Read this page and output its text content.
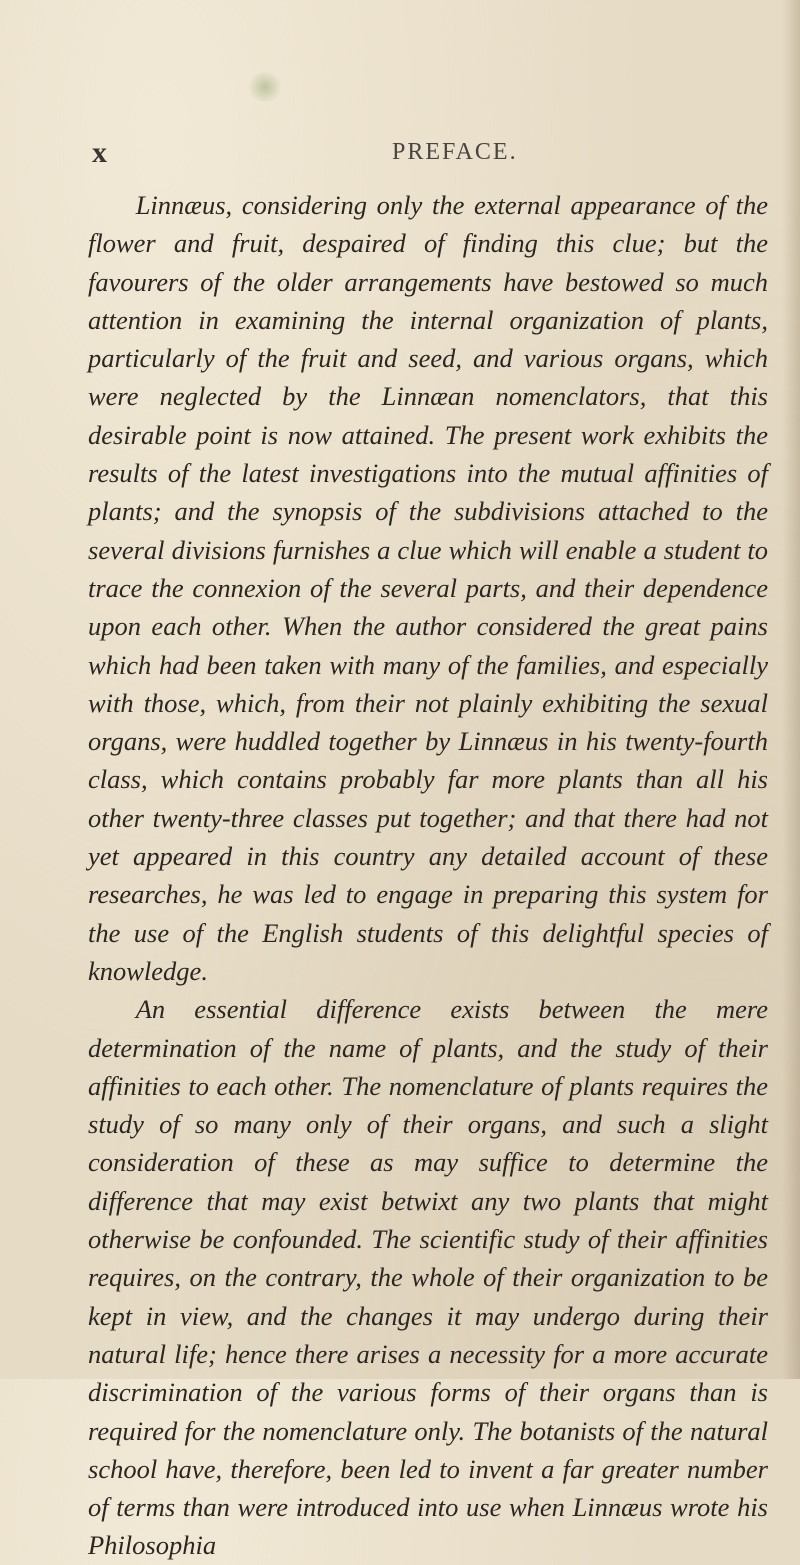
x	PREFACE.

Linnæus, considering only the external appearance of the flower and fruit, despaired of finding this clue; but the favourers of the older arrangements have bestowed so much attention in examining the internal organization of plants, particularly of the fruit and seed, and various organs, which were neglected by the Linnæan nomenclators, that this desirable point is now attained. The present work exhibits the results of the latest investigations into the mutual affinities of plants; and the synopsis of the subdivisions attached to the several divisions furnishes a clue which will enable a student to trace the connexion of the several parts, and their dependence upon each other. When the author considered the great pains which had been taken with many of the families, and especially with those, which, from their not plainly exhibiting the sexual organs, were huddled together by Linnæus in his twenty-fourth class, which contains probably far more plants than all his other twenty-three classes put together; and that there had not yet appeared in this country any detailed account of these researches, he was led to engage in preparing this system for the use of the English students of this delightful species of knowledge.

An essential difference exists between the mere determination of the name of plants, and the study of their affinities to each other. The nomenclature of plants requires the study of so many only of their organs, and such a slight consideration of these as may suffice to determine the difference that may exist betwixt any two plants that might otherwise be confounded. The scientific study of their affinities requires, on the contrary, the whole of their organization to be kept in view, and the changes it may undergo during their natural life; hence there arises a necessity for a more accurate discrimination of the various forms of their organs than is required for the nomenclature only. The botanists of the natural school have, therefore, been led to invent a far greater number of terms than were introduced into use when Linnæus wrote his Philosophia
